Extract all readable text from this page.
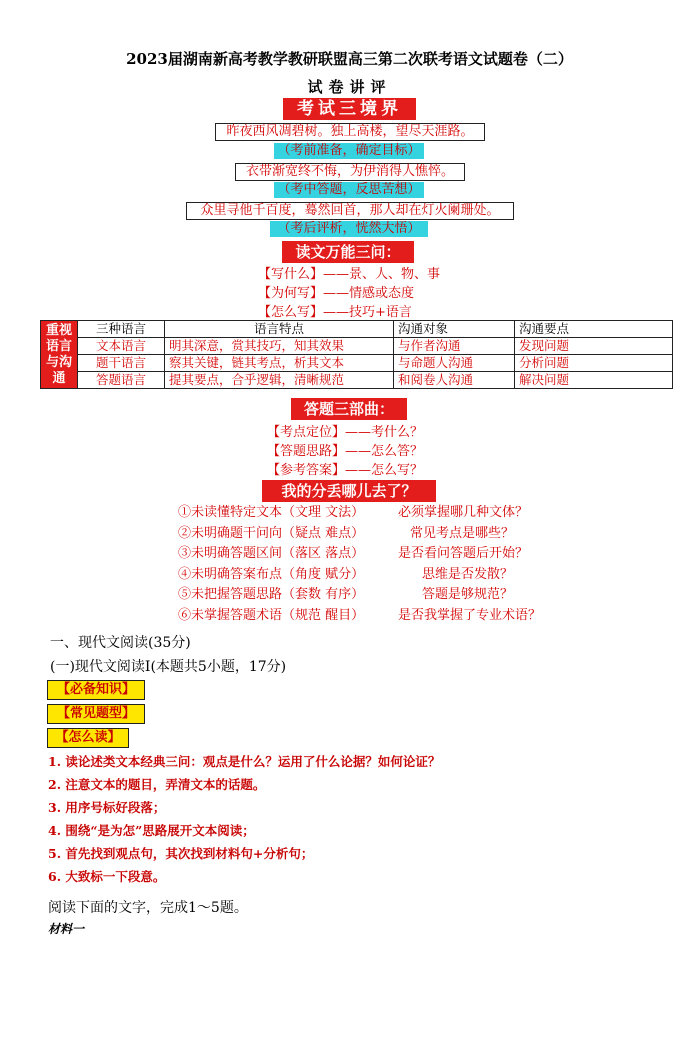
2023届湖南新高考教学教研联盟高三第二次联考语文试题卷（二）
试卷讲评
考试三境界
昨夜西风凋碧树。独上高楼，望尽天涯路。
（考前准备，确定目标）
衣带渐宽终不悔，为伊消得人憔悴。
（考中答题，反思苦想）
众里寻他千百度，蓦然回首，那人却在灯火阑珊处。
（考后评析，恍然大悟）
读文万能三问：
【写什么】——景、人、物、事
【为何写】——情感或态度
【怎么写】——技巧+语言
重视语言与沟通	三种语言	语言特点	沟通对象	沟通要点
	文本语言	明其深意，赏其技巧，知其效果	与作者沟通	发现问题
	题干语言	察其关键，链其考点，析其文本	与命题人沟通	分析问题
	答题语言	提其要点，合乎逻辑，清晰规范	和阅卷人沟通	解决问题
答题三部曲：
【考点定位】——考什么？
【答题思路】——怎么答？
【参考答案】——怎么写？
我的分丢哪儿去了？
①未读懂特定文本（文理 文法）	必须掌握哪几种文体？
②未明确题干问向（疑点 难点）	常见考点是哪些？
③未明确答题区间（落区 落点）	是否看问答题后开始？
④未明确答案布点（角度 赋分）	思维是否发散？
⑤未把握答题思路（套数 有序）	答题是够规范？
⑥未掌握答题术语（规范 醒目）	是否我掌握了专业术语？
一、现代文阅读(35分)
(一)现代文阅读I(本题共5小题，17分)
【必备知识】
【常见题型】
【怎么读】
1. 读论述类文本经典三问：观点是什么？运用了什么论据？如何论证？
2. 注意文本的题目，弄清文本的话题。
3. 用序号标好段落；
4. 围绕“是为怎”思路展开文本阅读；
5. 首先找到观点句，其次找到材料句+分析句；
6. 大致标一下段意。
阅读下面的文字，完成1～5题。
材料一
